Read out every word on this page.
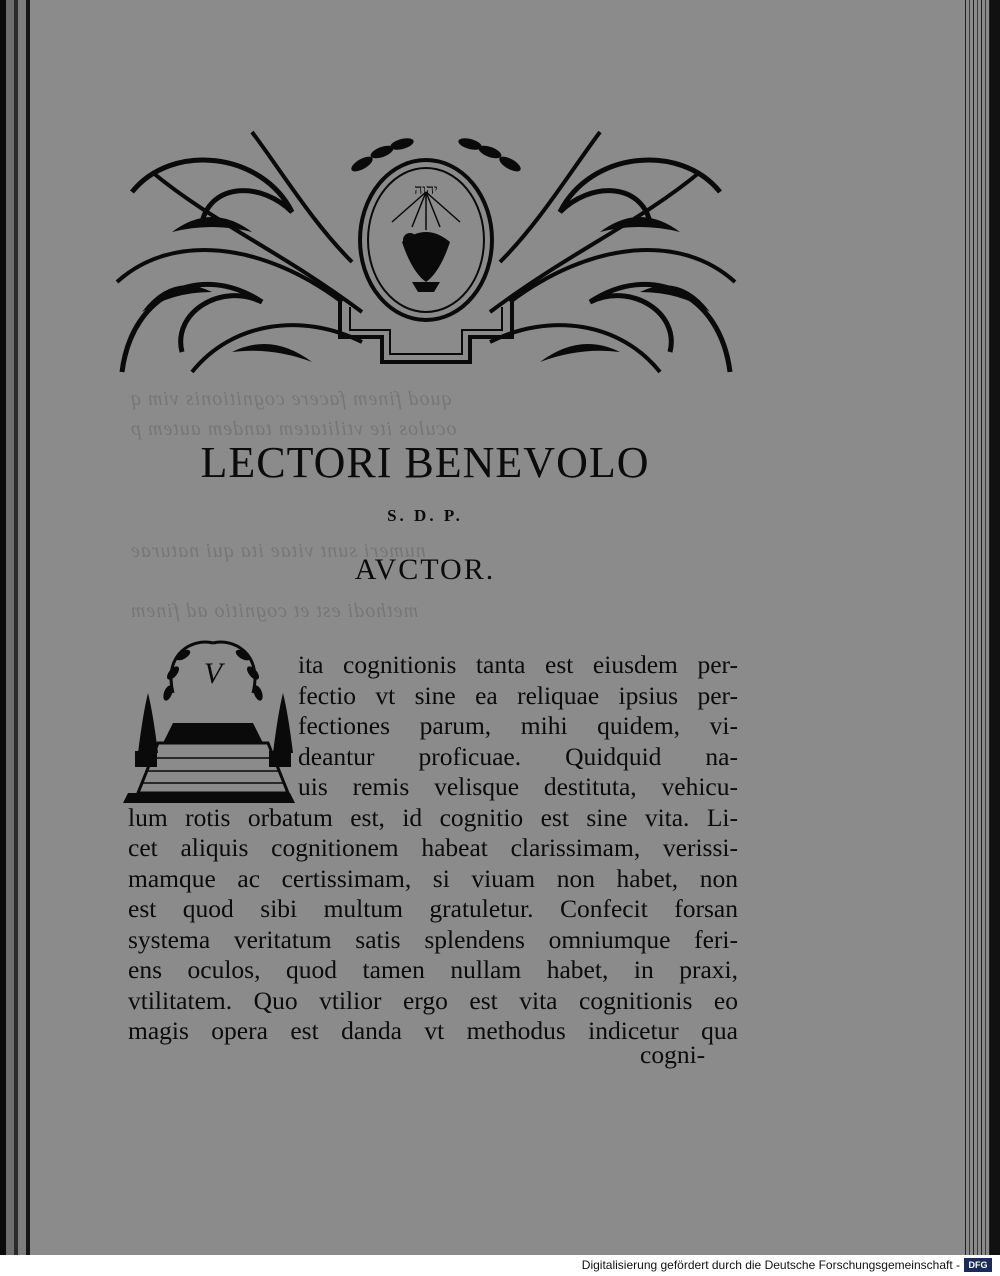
quod finem facere cognitionis vim q
oculos ite vtilitatem tandem autem p
numeri sunt vitae ita qui naturae
methodi est et cognitio ad finem
יהוה
LECTORI BENEVOLO
S. D. P.
AVCTOR.
V	ita cognitionis tanta est eiusdem per-
fectio vt sine ea reliquae ipsius per-
fectiones parum, mihi quidem, vi-
deantur proficuae. Quidquid na-
uis remis velisque destituta, vehicu-
lum rotis orbatum est, id cognitio est sine vita. Li-
cet aliquis cognitionem habeat clarissimam, verissi-
mamque ac certissimam, si viuam non habet, non
est quod sibi multum gratuletur. Confecit forsan
systema veritatum satis splendens omniumque feri-
ens oculos, quod tamen nullam habet, in praxi,
vtilitatem. Quo vtilior ergo est vita cognitionis eo
magis opera est danda vt methodus indicetur qua
cogni-
Digitalisierung gefördert durch die Deutsche Forschungsgemeinschaft - DFG
